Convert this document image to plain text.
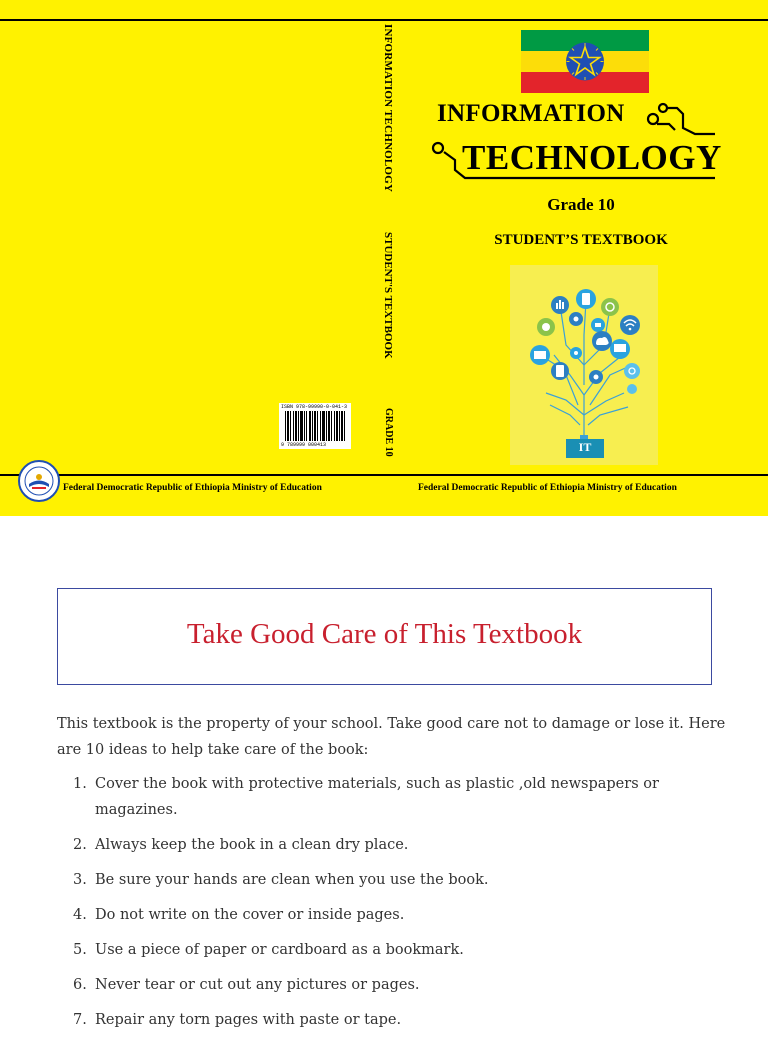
INFORMATION TECHNOLOGY
STUDENT'S TEXTBOOK
GRADE 10
ISBN 978-99990-0-041-3
9 789999 000413
Federal Democratic Republic of Ethiopia Ministry of Education	Federal Democratic Republic of Ethiopia Ministry of Education
INFORMATION
TECHNOLOGY
Grade 10
STUDENT’S TEXTBOOK
IT
Take Good Care of This Textbook
This textbook is the property of your school. Take good care not to damage or lose it. Here are 10 ideas to help take care of the book:
1. Cover the book with protective materials, such as plastic ,old newspapers or magazines.
2. Always keep the book in a clean dry place.
3. Be sure your hands are clean when you use the book.
4. Do not write on the cover or inside pages.
5. Use a piece of paper or cardboard as a bookmark.
6. Never tear or cut out any pictures or pages.
7. Repair any torn pages with paste or tape.
